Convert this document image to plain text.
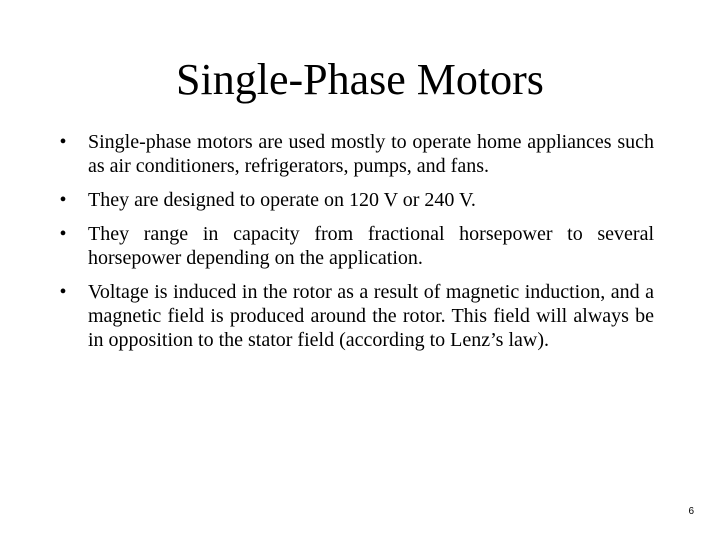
Single-Phase Motors
• Single-phase motors are used mostly to operate home appliances such as air conditioners, refrigerators, pumps, and fans.
• They are designed to operate on 120 V or 240 V.
• They range in capacity from fractional horsepower to several horsepower depending on the application.
• Voltage is induced in the rotor as a result of magnetic induction, and a magnetic field is produced around the rotor. This field will always be in opposition to the stator field (according to Lenz’s law).
6
